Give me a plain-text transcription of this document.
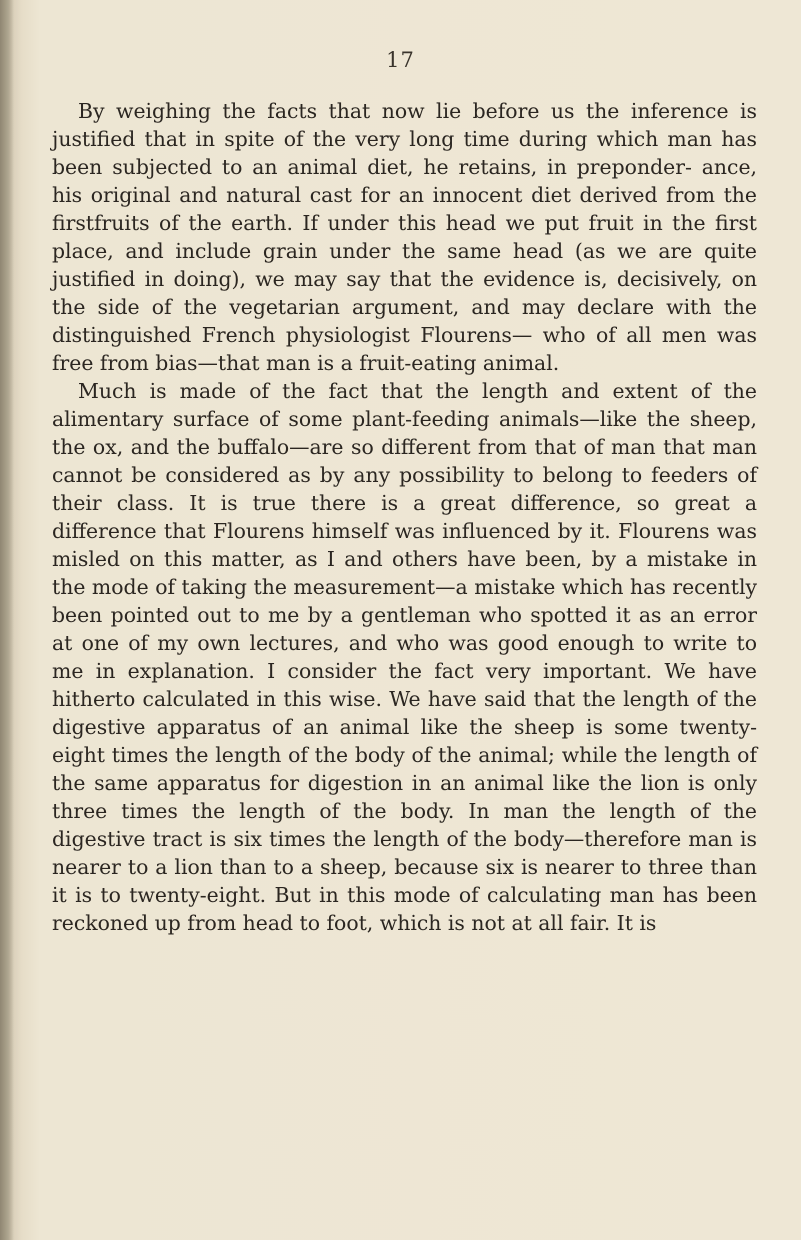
17

By weighing the facts that now lie before us the inference is justified that in spite of the very long time during which man has been subjected to an animal diet, he retains, in preponder- ance, his original and natural cast for an innocent diet derived from the firstfruits of the earth. If under this head we put fruit in the first place, and include grain under the same head (as we are quite justified in doing), we may say that the evidence is, decisively, on the side of the vegetarian argument, and may declare with the distinguished French physiologist Flourens— who of all men was free from bias—that man is a fruit-eating animal.

Much is made of the fact that the length and extent of the alimentary surface of some plant-feeding animals—like the sheep, the ox, and the buffalo—are so different from that of man that man cannot be considered as by any possibility to belong to feeders of their class. It is true there is a great difference, so great a difference that Flourens himself was influenced by it. Flourens was misled on this matter, as I and others have been, by a mistake in the mode of taking the measurement—a mistake which has recently been pointed out to me by a gentleman who spotted it as an error at one of my own lectures, and who was good enough to write to me in explanation. I consider the fact very important. We have hitherto calculated in this wise. We have said that the length of the digestive apparatus of an animal like the sheep is some twenty-eight times the length of the body of the animal; while the length of the same apparatus for digestion in an animal like the lion is only three times the length of the body. In man the length of the digestive tract is six times the length of the body—therefore man is nearer to a lion than to a sheep, because six is nearer to three than it is to twenty-eight. But in this mode of calculating man has been reckoned up from head to foot, which is not at all fair. It is
